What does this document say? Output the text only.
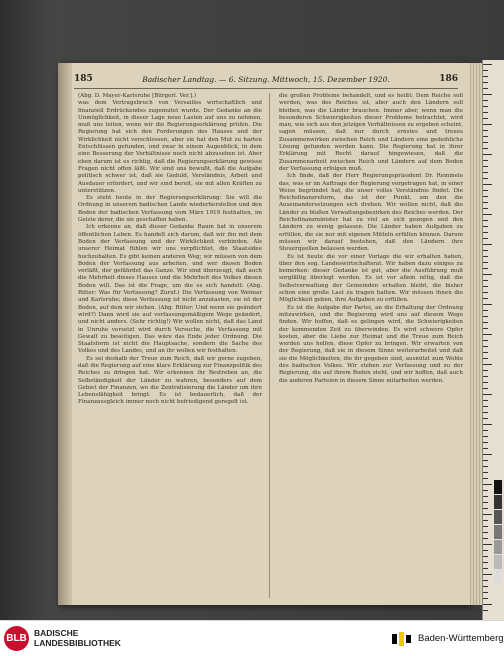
185	Badischer Landtag. — 6. Sitzung. Mittwoch, 15. Dezember 1920.	186

(Abg. D. Mayer-Karlsruhe [Bürgerl. Ver.].)

was dem Vertragsbruch von Versailles wirtschaftlich und finanziell Erdrückendes zugemutet wurde. Der Gedanke an die Unmöglichkeit, in dieser Lage neue Lasten auf uns zu nehmen, muß uns leiten, wenn wir die Regierungserklärung prüfen. Die Regierung hat sich den Forderungen des Hauses und der Wirklichkeit nicht verschlossen, aber sie hat den Mut zu harten Entschlüssen gefunden, und zwar in einem Augenblick, in dem eine Besserung der Verhältnisse noch nicht abzusehen ist. Aber eben darum ist es richtig, daß die Regierungserklärung gewisse Fragen nicht offen läßt. Wir sind uns bewußt, daß die Aufgabe politisch schwer ist, daß sie Geduld, Verständnis, Arbeit und Ausdauer erfordert, und wir sind bereit, sie mit allen Kräften zu unterstützen.

Es steht heute in der Regierungserklärung: Sie will die Ordnung in unserem badischen Lande wiederherstellen und den Boden der badischen Verfassung vom März 1919 festhalten, im Geiste derer, die sie geschaffen haben.

Ich erkenne an, daß dieser Gedanke Raum hat in unserem öffentlichen Leben. Es handelt sich darum, daß wir ihn mit dem Boden der Verfassung und der Wirklichkeit verbinden. Als unserer Heimat fühlen wir uns verpflichtet, die Staatsidee hochzuhalten. Es gibt keinen anderen Weg; wir müssen von dem Boden der Verfassung aus arbeiten, und wer diesen Boden verläßt, der gefährdet das Ganze. Wir sind überzeugt, daß auch die Mehrheit dieses Hauses und die Mehrheit des Volkes diesen Boden will. Das ist die Frage, um die es sich handelt: (Abg. Ritter: Was für Verfassung? Zuruf.) Die Verfassung von Weimar und Karlsruhe; diese Verfassung ist nicht anzutasten, sie ist der Boden, auf dem wir stehen. (Abg. Ritter: Und wenn sie geändert wird?) Dann wird sie auf verfassungsmäßigem Wege geändert, und nicht anders. (Sehr richtig!) Wir wollen nicht, daß das Land in Unruhe versetzt wird durch Versuche, die Verfassung mit Gewalt zu beseitigen. Das wäre das Ende jeder Ordnung. Die Staatsform ist nicht die Hauptsache, sondern die Sache des Volkes und des Landes, und an ihr wollen wir festhalten.

Es sei deshalb der Treue zum Reich, daß wir gerne zugeben, daß die Regierung auf eine klare Erklärung zur Finanzpolitik des Reiches zu dringen hat. Wir erkennen ihr Bestreben an, die Selbständigkeit der Länder zu wahren, besonders auf dem Gebiet der Finanzen, wo die Zentralisierung die Länder um ihre Lebensfähigkeit bringt. Es ist bedauerlich, daß der Finanzausgleich immer noch nicht befriedigend geregelt ist.

die großen Probleme behandelt, und es heißt: Dem Reiche soll werden, was des Reiches ist, aber auch den Ländern soll bleiben, was die Länder brauchen. Immer aber, wenn man die besonderen Schwierigkeiten dieser Probleme betrachtet, wird man, wie sich aus den jetzigen Verhältnissen zu ergeben scheint, sagen müssen, daß nur durch ernstes und treues Zusammenwirken zwischen Reich und Ländern eine gedeihliche Lösung gefunden werden kann. Die Regierung hat in ihrer Erklärung mit Recht darauf hingewiesen, daß die Zusammenarbeit zwischen Reich und Ländern auf dem Boden der Verfassung erfolgen muß.

Ich finde, daß der Herr Regierungspräsident Dr. Remmele das, was er im Auftrage der Regierung vorgetragen hat, in einer Weise begründet hat, die unser volles Verständnis findet. Die Reichsfinanzreform, das ist der Punkt, um den die Auseinandersetzungen sich drehen. Wir wollen nicht, daß die Länder zu bloßen Verwaltungsbezirken des Reiches werden. Der Reichsfinanzminister hat zu viel an sich gezogen und den Ländern zu wenig gelassen. Die Länder haben Aufgaben zu erfüllen, die sie nur mit eigenen Mitteln erfüllen können. Darum müssen wir darauf bestehen, daß den Ländern ihre Steuerquellen belassen werden.

Es ist heute die vor einer Vorlage die wir erhalten haben, über den sog. Landeswirtschaftsrat. Wir haben dazu einiges zu bemerken: dieser Gedanke ist gut, aber die Ausführung muß sorgfältig überlegt werden. Es ist vor allem nötig, daß die Selbstverwaltung der Gemeinden erhalten bleibt, die bisher schon eine große Last zu tragen hatten. Wir müssen ihnen die Möglichkeit geben, ihre Aufgaben zu erfüllen.

Es ist die Aufgabe der Partei, an die Erhaltung der Ordnung mitzuwirken, und die Regierung wird uns auf diesem Wege finden. Wir hoffen, daß es gelingen wird, die Schwierigkeiten der kommenden Zeit zu überwinden. Es wird schwere Opfer kosten, aber die Liebe zur Heimat und die Treue zum Reich werden uns helfen, diese Opfer zu bringen. Wir erwarten von der Regierung, daß sie in diesem Sinne weiterarbeitet und daß sie die Möglichkeiten, die ihr gegeben sind, ausnützt zum Wohle des badischen Volkes. Wir stehen zur Verfassung und zu der Regierung, die auf ihrem Boden steht, und wir hoffen, daß auch die anderen Parteien in diesem Sinne mitarbeiten werden.

BLB BADISCHE
LANDESBIBLIOTHEK	Baden-Württemberg
